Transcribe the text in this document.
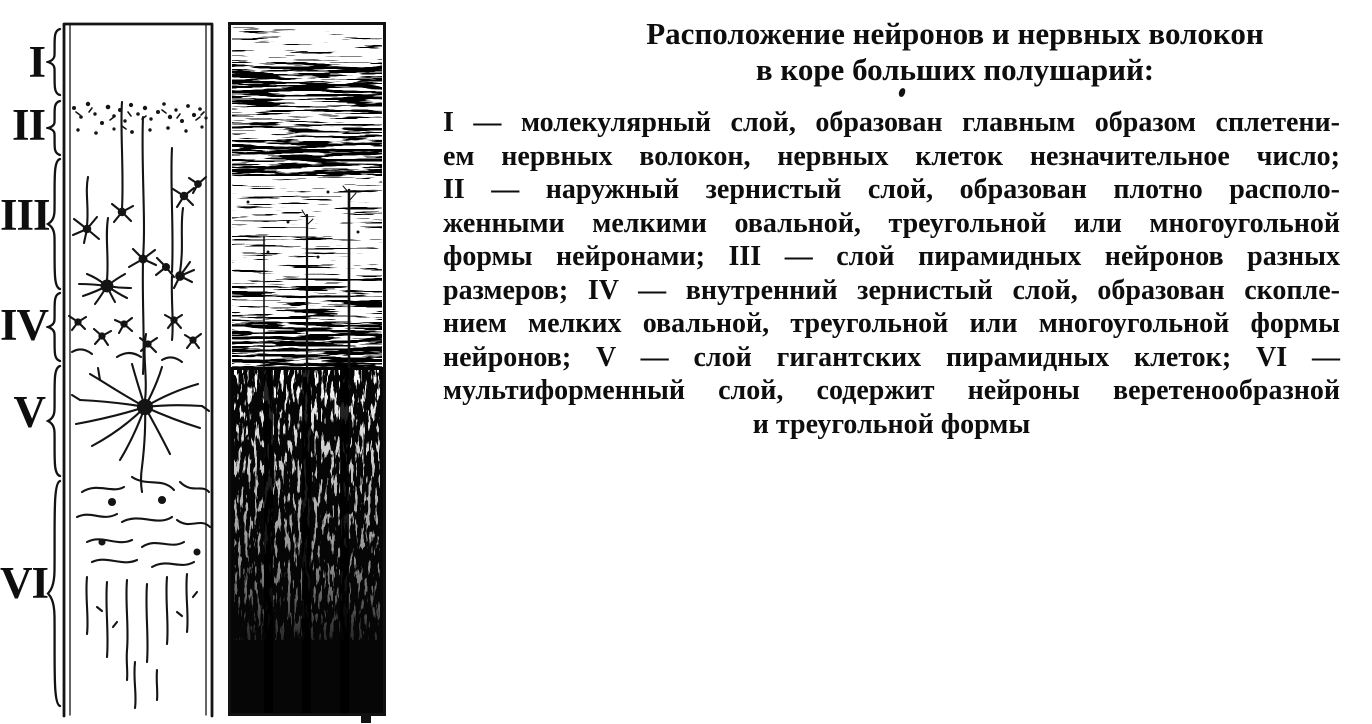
I
II
III
IV
V
VI
Расположение нейронов и нервных волокон
в коре больших полушарий:
I — молекулярный слой, образован главным образом сплетени-
ем нервных волокон, нервных клеток незначительное число;
II — наружный зернистый слой, образован плотно располо-
женными мелкими овальной, треугольной или многоугольной
формы нейронами; III — слой пирамидных нейронов разных
размеров; IV — внутренний зернистый слой, образован скопле-
нием мелких овальной, треугольной или многоугольной формы
нейронов; V — слой гигантских пирамидных клеток; VI —
мультиформенный слой, содержит нейроны веретенообразной
и треугольной формы
